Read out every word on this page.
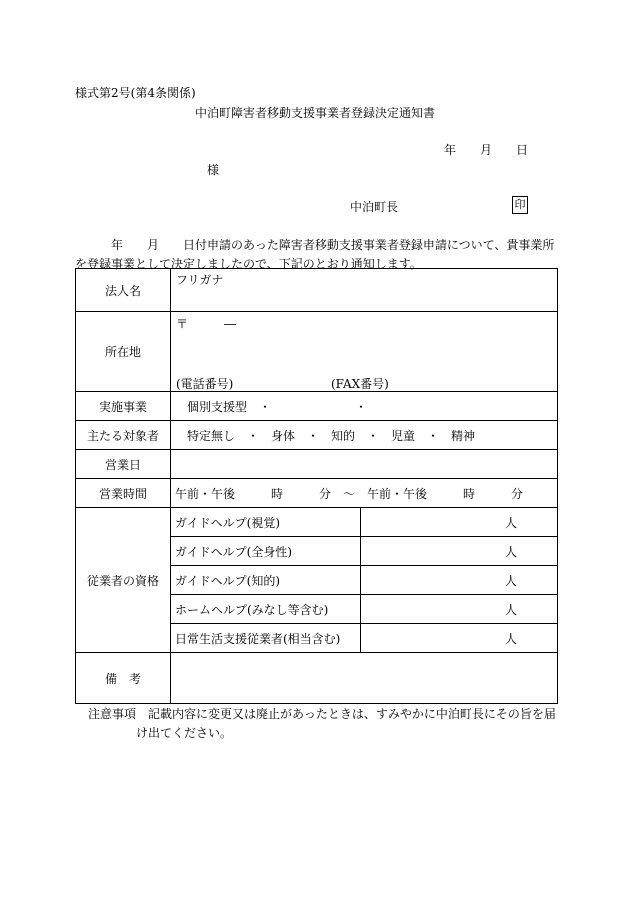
様式第2号(第4条関係)
中泊町障害者移動支援事業者登録決定通知書
年　　月　　日
様
中泊町長	印
　　　年　　月　　日付申請のあった障害者移動支援事業者登録申請について、貴事業所
を登録事業として決定しましたので、下記のとおり通知します。
法人名	フリガナ	

所在地	〒　　　―
(電話番号) (FAX番号)	

実施事業	個別支援型　・　　　　　　　・	
主たる対象者	特定無し　・　身体　・　知的　・　児童　・　精神	
営業日		
営業時間	午前・午後　　　時　　　分　～　午前・午後　　　時　　　分	
従業者の資格	ガイドヘルプ(視覚)	人
	ガイドヘルプ(全身性)	人
	ガイドヘルプ(知的)	人
	ホームヘルプ(みなし等含む)	人
	日常生活支援従業者(相当含む)	人
備　考		
注意事項　記載内容に変更又は廃止があったときは、すみやかに中泊町長にその旨を届
け出てください。
